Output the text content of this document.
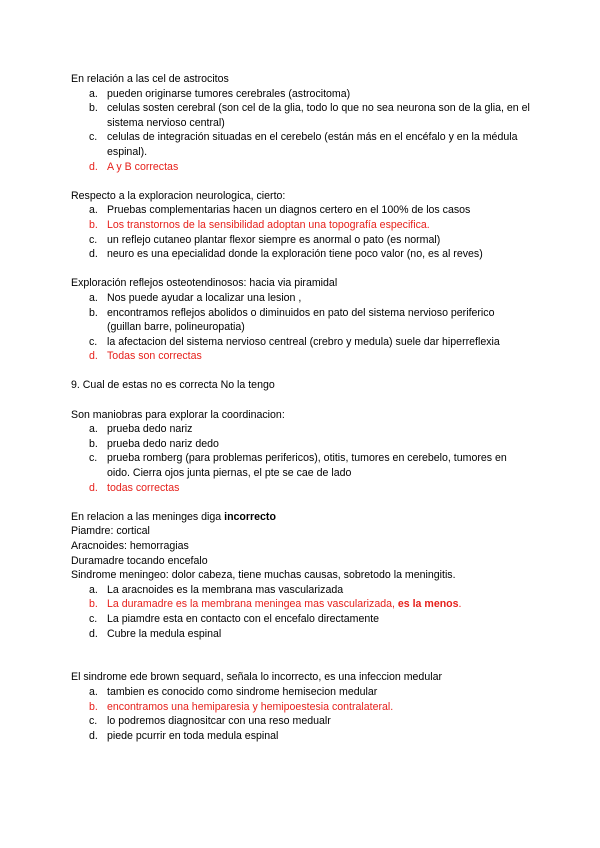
En relación a las cel de astrocitos

a. pueden originarse tumores cerebrales (astrocitoma)
b. celulas sosten cerebral (son cel de la glia, todo lo que no sea neurona son de la glia, en el sistema nervioso central)
c. celulas de integración situadas en el cerebelo (están más en el encéfalo y en la médula espinal).
d. A y B correctas

Respecto a la exploracion neurologica, cierto:

a. Pruebas complementarias hacen un diagnos certero en el 100% de los casos
b. Los transtornos de la sensibilidad adoptan una topografía especifica.
c. un reflejo cutaneo plantar flexor siempre es anormal o pato (es normal)
d. neuro es una epecialidad donde la exploración tiene poco valor (no, es al reves)

Exploración reflejos osteotendinosos: hacia via piramidal

a. Nos puede ayudar a localizar una lesion ,
b. encontramos reflejos abolidos o diminuidos en pato del sistema nervioso periferico (guillan barre, polineuropatia)
c. la afectacion del sistema nervioso centreal (crebro y medula) suele dar hiperreflexia
d. Todas son correctas

9. Cual de estas no es correcta No la tengo

Son maniobras para explorar la coordinacion:

a. prueba dedo nariz
b. prueba dedo nariz dedo
c. prueba romberg (para problemas perifericos), otitis, tumores en cerebelo, tumores en oido. Cierra ojos junta piernas, el pte se cae de lado
d. todas correctas

En relacion a las meninges diga incorrecto

Piamdre: cortical

Aracnoides: hemorragias

Duramadre tocando encefalo

Sindrome meningeo: dolor cabeza, tiene muchas causas, sobretodo la meningitis.

a. La aracnoides es la membrana mas vascularizada
b. La duramadre es la membrana meningea mas vascularizada, es la menos.
c. La piamdre esta en contacto con el encefalo directamente
d. Cubre la medula espinal

El sindrome ede brown sequard, señala lo incorrecto, es una infeccion medular

a. tambien es conocido como sindrome hemisecion medular
b. encontramos una hemiparesia y hemipoestesia contralateral.
c. lo podremos diagnositcar con una reso medualr
d. piede pcurrir en toda medula espinal
